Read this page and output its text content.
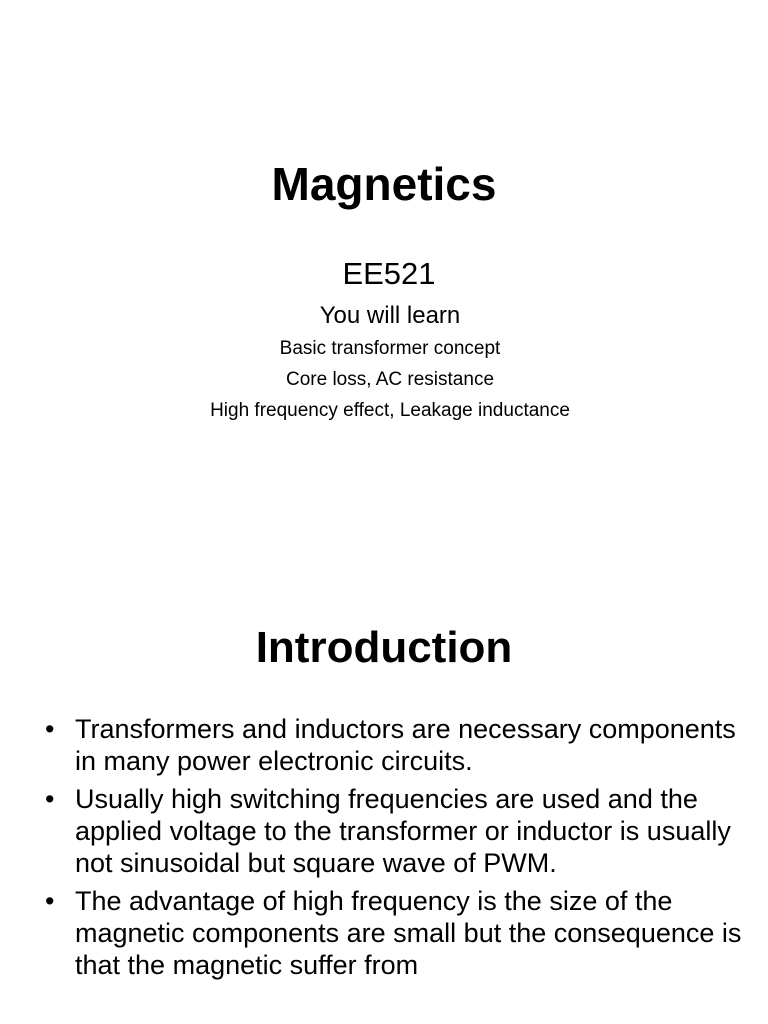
Magnetics
EE521
You will learn
Basic transformer concept
Core loss, AC resistance
High frequency effect, Leakage inductance
Introduction
• Transformers and inductors are necessary components in many power electronic circuits.
• Usually high switching frequencies are used and the applied voltage to the transformer or inductor is usually not sinusoidal but square wave of PWM.
• The advantage of high frequency is the size of the magnetic components are small but the consequence is that the magnetic suffer from
